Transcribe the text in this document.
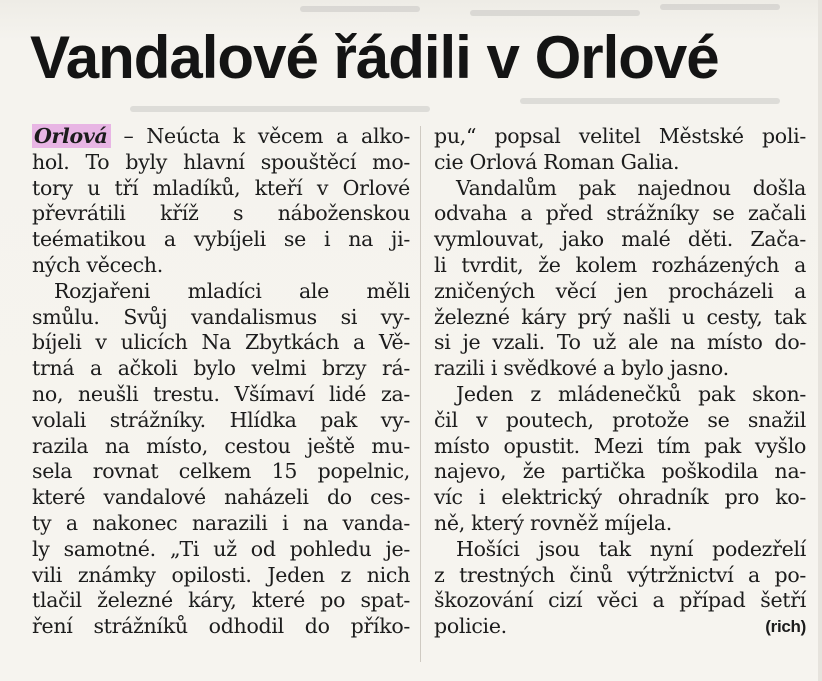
Vandalové řádili v Orlové
Orlová – Neúcta k věcem a alko-
hol. To byly hlavní spouštěcí mo-
tory u tří mladíků, kteří v Orlové
převrátili kříž s náboženskou
teématikou a vybíjeli se i na ji-
ných věcech.
Rozjařeni mladíci ale měli
smůlu. Svůj vandalismus si vy-
bíjeli v ulicích Na Zbytkách a Vě-
trná a ačkoli bylo velmi brzy rá-
no, neušli trestu. Všímaví lidé za-
volali strážníky. Hlídka pak vy-
razila na místo, cestou ještě mu-
sela rovnat celkem 15 popelnic,
které vandalové naházeli do ces-
ty a nakonec narazili i na vanda-
ly samotné. „Ti už od pohledu je-
vili známky opilosti. Jeden z nich
tlačil železné káry, které po spat-
ření strážníků odhodil do příko-
pu,“ popsal velitel Městské poli-
cie Orlová Roman Galia.
Vandalům pak najednou došla
odvaha a před strážníky se začali
vymlouvat, jako malé děti. Zača-
li tvrdit, že kolem rozházených a
zničených věcí jen procházeli a
železné káry prý našli u cesty, tak
si je vzali. To už ale na místo do-
razili i svědkové a bylo jasno.
Jeden z mládenečků pak skon-
čil v poutech, protože se snažil
místo opustit. Mezi tím pak vyšlo
najevo, že partička poškodila na-
víc i elektrický ohradník pro ko-
ně, který rovněž míjela.
Hošíci jsou tak nyní podezřelí
z trestných činů výtržnictví a po-
škozování cizí věci a případ šetří
policie.	(rich)
